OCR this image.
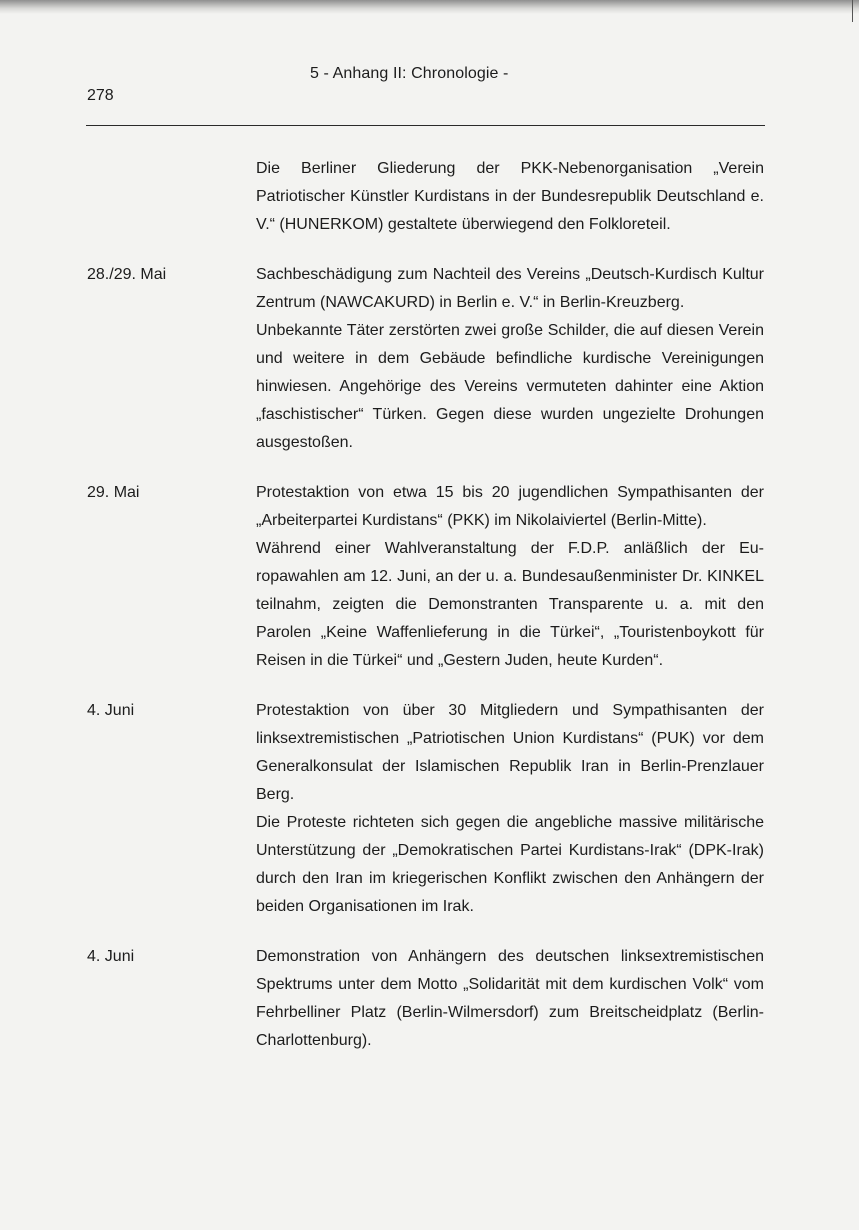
278
5 - Anhang II: Chronologie -

Die Berliner Gliederung der PKK-Nebenorganisation „Verein Patriotischer Künstler Kurdistans in der Bundesrepublik Deutschland e. V.“ (HUNERKOM) gestaltete überwiegend den Folkloreteil.

28./29. Mai	Sachbeschädigung zum Nachteil des Vereins „Deutsch-Kurdisch Kultur Zentrum (NAWCAKURD) in Berlin e. V.“ in Berlin-Kreuzberg.

Unbekannte Täter zerstörten zwei große Schilder, die auf diesen Verein und weitere in dem Gebäude befindliche kurdische Vereinigungen hinwiesen. Angehörige des Vereins vermuteten dahinter eine Aktion „faschistischer“ Türken. Gegen diese wurden ungezielte Drohungen ausgestoßen.

29. Mai	Protestaktion von etwa 15 bis 20 jugendlichen Sympathisanten der „Arbeiterpartei Kurdistans“ (PKK) im Nikolaiviertel (Berlin-Mitte).

Während einer Wahlveranstaltung der F.D.P. anläßlich der Europawahlen am 12. Juni, an der u. a. Bundesaußenminister Dr. KINKEL teilnahm, zeigten die Demonstranten Transparente u. a. mit den Parolen „Keine Waffenlieferung in die Türkei“, „Touristenboykott für Reisen in die Türkei“ und „Gestern Juden, heute Kurden“.

4. Juni	Protestaktion von über 30 Mitgliedern und Sympathisanten der linksextremistischen „Patriotischen Union Kurdistans“ (PUK) vor dem Generalkonsulat der Islamischen Republik Iran in Berlin-Prenzlauer Berg.

Die Proteste richteten sich gegen die angebliche massive militärische Unterstützung der „Demokratischen Partei Kurdistans-Irak“ (DPK-Irak) durch den Iran im kriegerischen Konflikt zwischen den Anhängern der beiden Organisationen im Irak.

4. Juni	Demonstration von Anhängern des deutschen linksextremistischen Spektrums unter dem Motto „Solidarität mit dem kurdischen Volk“ vom Fehrbelliner Platz (Berlin-Wilmersdorf) zum Breitscheidplatz (Berlin-Charlottenburg).
